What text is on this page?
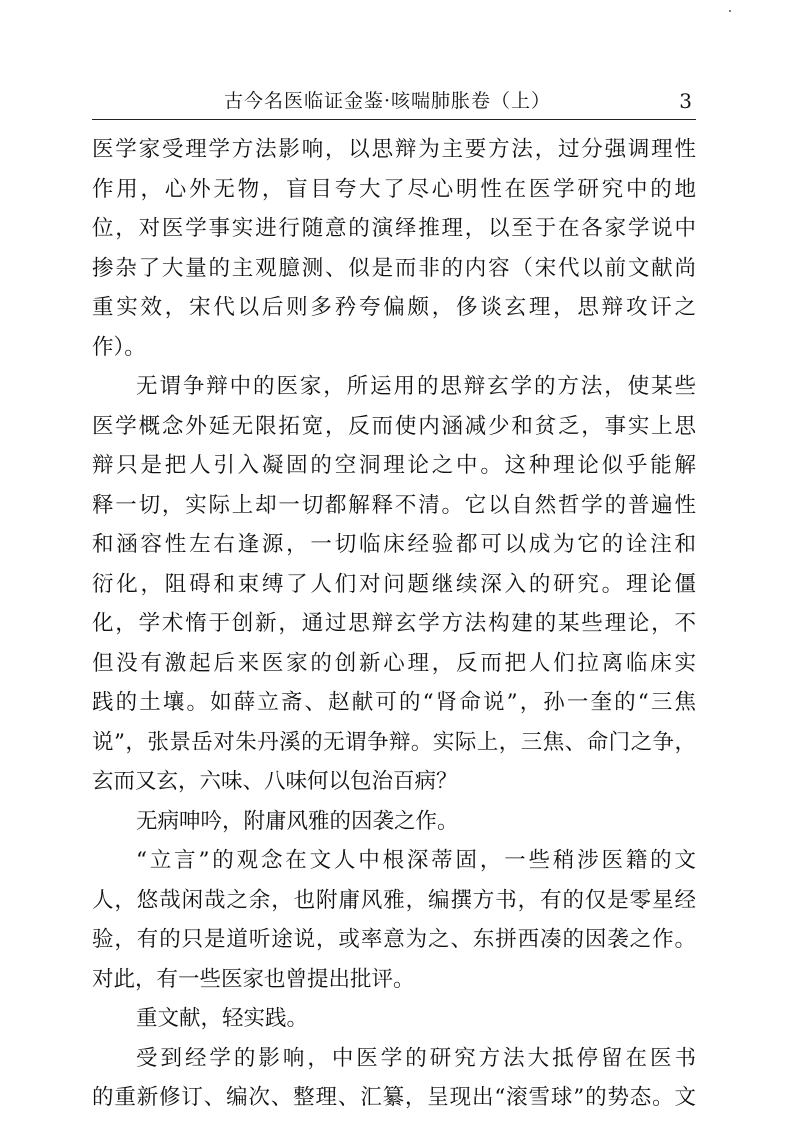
古今名医临证金鉴·咳喘肺胀卷（上）	3
医学家受理学方法影响，以思辩为主要方法，过分强调理性
作用，心外无物，盲目夸大了尽心明性在医学研究中的地
位，对医学事实进行随意的演绎推理，以至于在各家学说中
掺杂了大量的主观臆测、似是而非的内容（宋代以前文献尚
重实效，宋代以后则多矜夸偏颇，侈谈玄理，思辩攻讦之
作）。
无谓争辩中的医家，所运用的思辩玄学的方法，使某些
医学概念外延无限拓宽，反而使内涵减少和贫乏，事实上思
辩只是把人引入凝固的空洞理论之中。这种理论似乎能解
释一切，实际上却一切都解释不清。它以自然哲学的普遍性
和涵容性左右逢源，一切临床经验都可以成为它的诠注和
衍化，阻碍和束缚了人们对问题继续深入的研究。理论僵
化，学术惰于创新，通过思辩玄学方法构建的某些理论，不
但没有激起后来医家的创新心理，反而把人们拉离临床实
践的土壤。如薛立斋、赵献可的“肾命说”，孙一奎的“三焦
说”，张景岳对朱丹溪的无谓争辩。实际上，三焦、命门之争，
玄而又玄，六味、八味何以包治百病？
无病呻吟，附庸风雅的因袭之作。
“立言”的观念在文人中根深蒂固，一些稍涉医籍的文
人，悠哉闲哉之余，也附庸风雅，编撰方书，有的仅是零星经
验，有的只是道听途说，或率意为之、东拼西凑的因袭之作。
对此，有一些医家也曾提出批评。
重文献，轻实践。
受到经学的影响，中医学的研究方法大抵停留在医书
的重新修订、编次、整理、汇纂，呈现出“滚雪球”的势态。文
